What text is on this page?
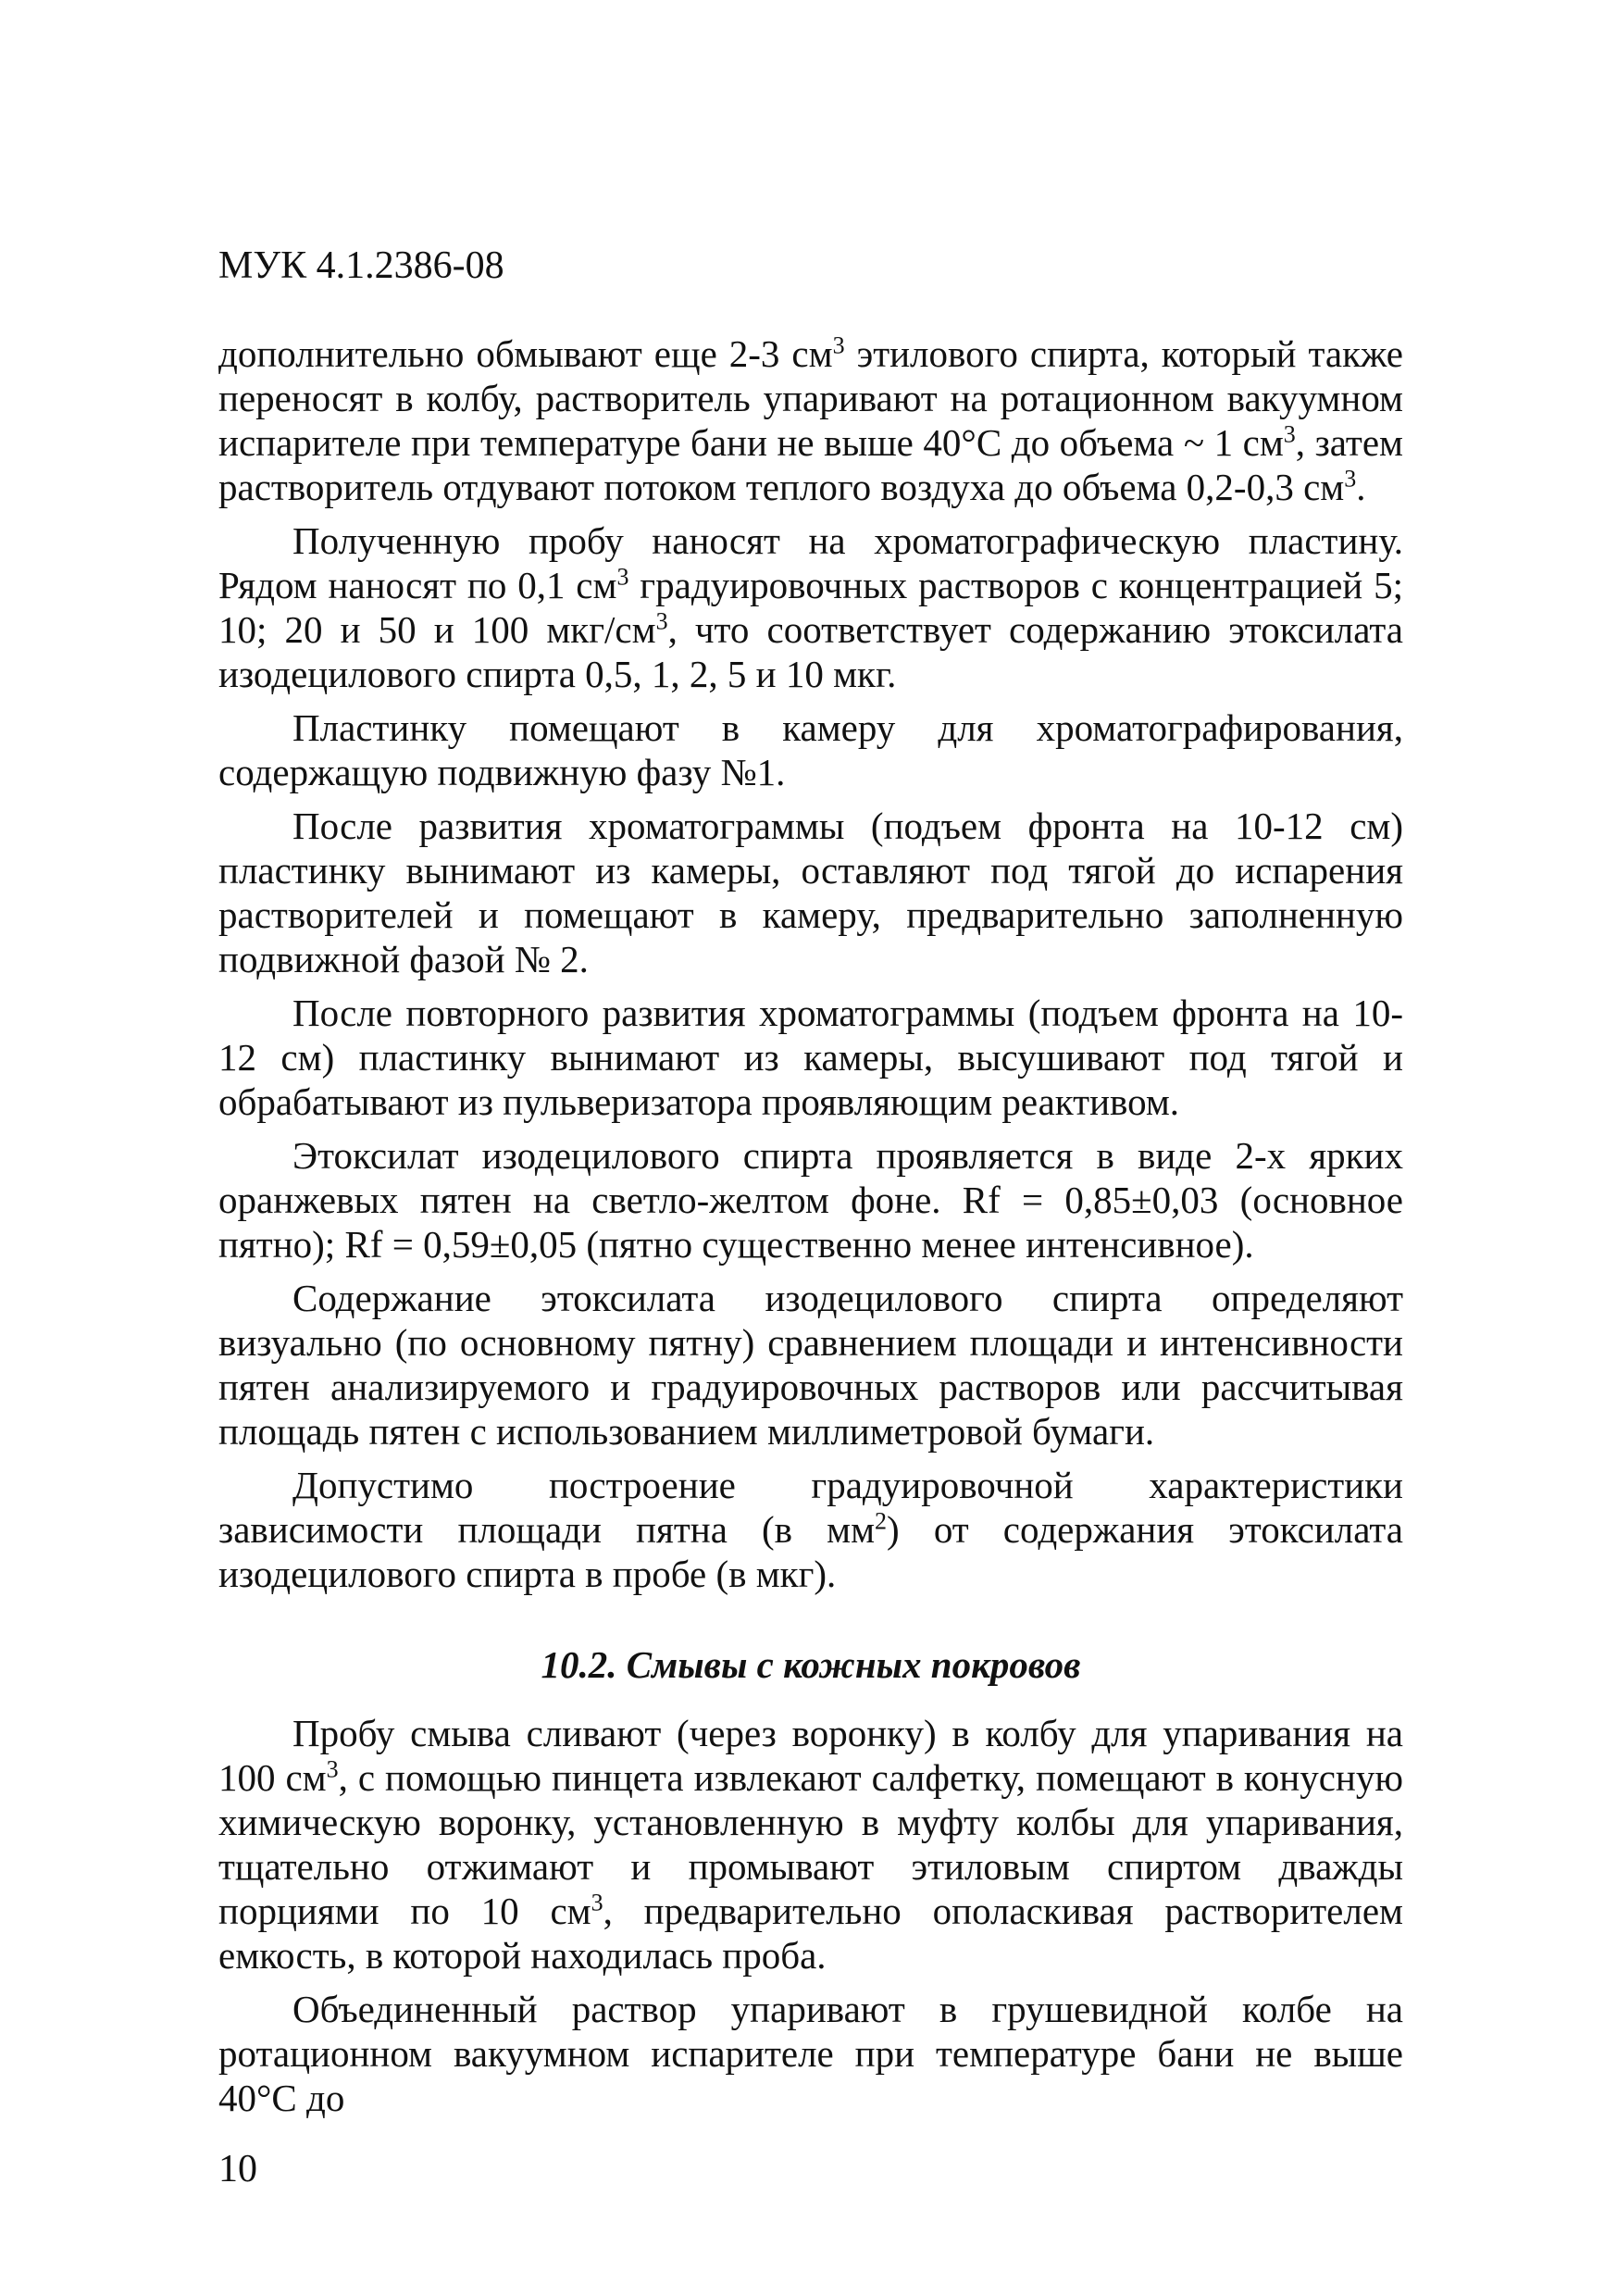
МУК 4.1.2386-08

дополнительно обмывают еще 2-3 $см^3$ этилового спирта, который также переносят в колбу, растворитель упаривают на ротационном вакуумном испарителе при температуре бани не выше 40°С до объема ~ 1 $см^3$, затем растворитель отдувают потоком теплого воздуха до объема 0,2-0,3 $см^3$.

Полученную пробу наносят на хроматографическую пластину. Рядом наносят по 0,1 $см^3$ градуировочных растворов с концентрацией 5; 10; 20 и 50 и 100 мкг/$см^3$, что соответствует содержанию этоксилата изодецилового спирта 0,5, 1, 2, 5 и 10 мкг.

Пластинку помещают в камеру для хроматографирования, содержащую подвижную фазу №1.

После развития хроматограммы (подъем фронта на 10-12 см) пластинку вынимают из камеры, оставляют под тягой до испарения растворителей и помещают в камеру, предварительно заполненную подвижной фазой № 2.

После повторного развития хроматограммы (подъем фронта на 10-12 см) пластинку вынимают из камеры, высушивают под тягой и обрабатывают из пульверизатора проявляющим реактивом.

Этоксилат изодецилового спирта проявляется в виде 2-х ярких оранжевых пятен на светло-желтом фоне. Rf = 0,85±0,03 (основное пятно); Rf = 0,59±0,05 (пятно существенно менее интенсивное).

Содержание этоксилата изодецилового спирта определяют визуально (по основному пятну) сравнением площади и интенсивности пятен анализируемого и градуировочных растворов или рассчитывая площадь пятен с использованием миллиметровой бумаги.

Допустимо построение градуировочной характеристики зависимости площади пятна (в $мм^2$) от содержания этоксилата изодецилового спирта в пробе (в мкг).

10.2. Смывы с кожных покровов

Пробу смыва сливают (через воронку) в колбу для упаривания на 100 $см^3$, с помощью пинцета извлекают салфетку, помещают в конусную химическую воронку, установленную в муфту колбы для упаривания, тщательно отжимают и промывают этиловым спиртом дважды порциями по 10 $см^3$, предварительно ополаскивая растворителем емкость, в которой находилась проба.

Объединенный раствор упаривают в грушевидной колбе на ротационном вакуумном испарителе при температуре бани не выше 40°С до

10
